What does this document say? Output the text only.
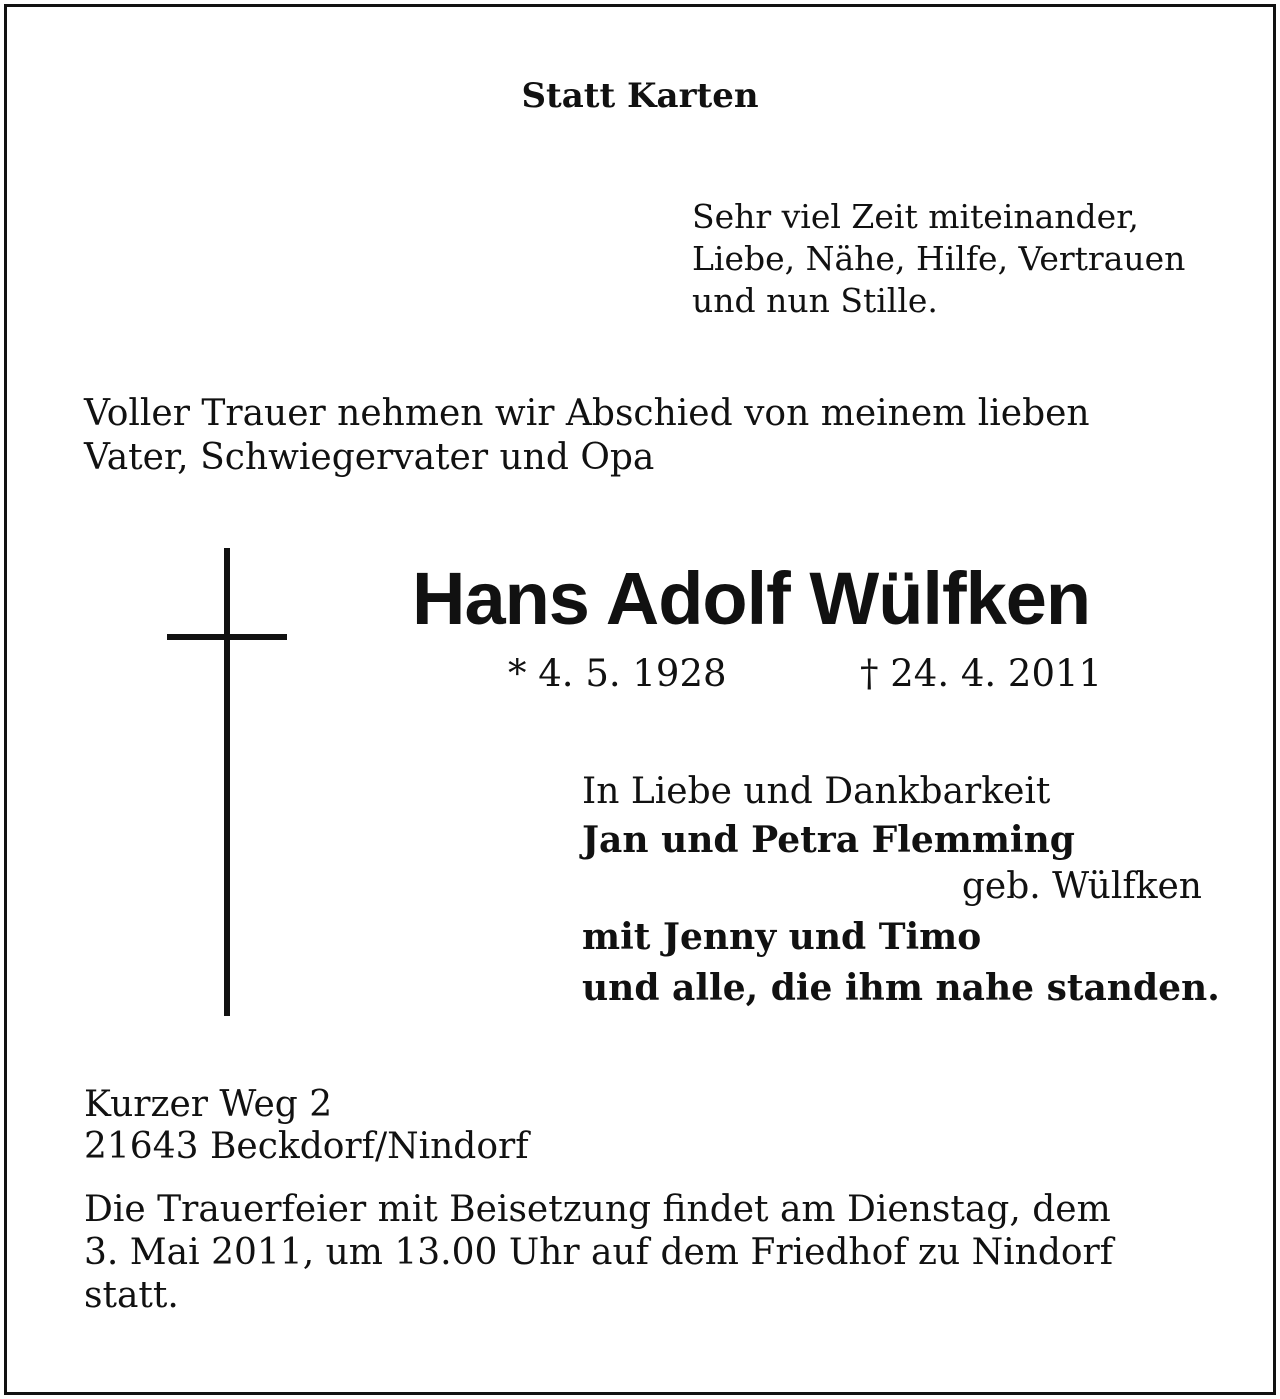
Statt Karten
Sehr viel Zeit miteinander,
Liebe, Nähe, Hilfe, Vertrauen
und nun Stille.
Voller Trauer nehmen wir Abschied von meinem lieben
Vater, Schwiegervater und Opa
Hans Adolf Wülfken
* 4. 5. 1928	† 24. 4. 2011
In Liebe und Dankbarkeit
Jan und Petra Flemming
geb. Wülfken
mit Jenny und Timo
und alle, die ihm nahe standen.
Kurzer Weg 2
21643 Beckdorf/Nindorf
Die Trauerfeier mit Beisetzung findet am Dienstag, dem
3. Mai 2011, um 13.00 Uhr auf dem Friedhof zu Nindorf
statt.
